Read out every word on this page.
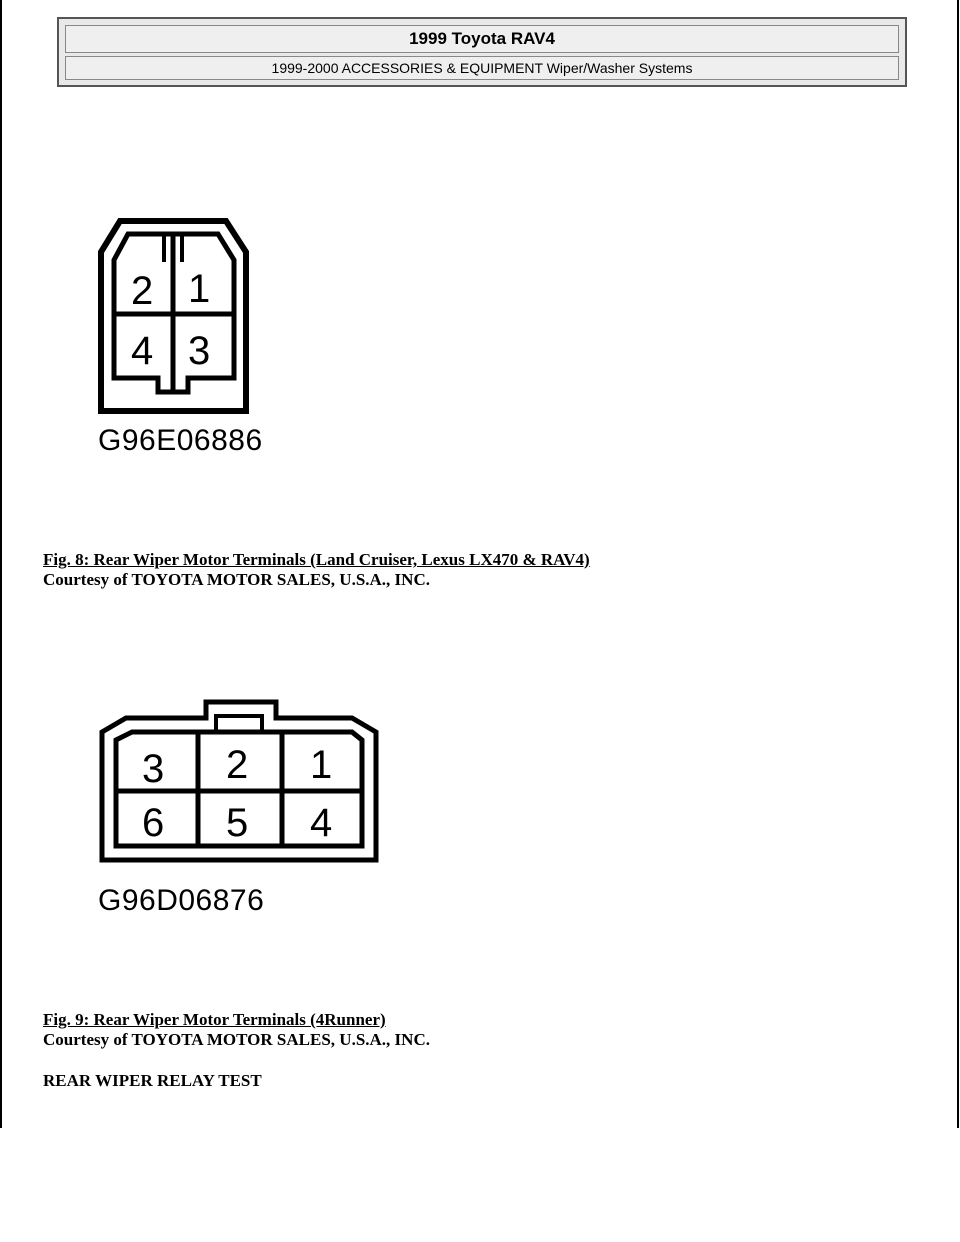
1999 Toyota RAV4
1999-2000 ACCESSORIES & EQUIPMENT Wiper/Washer Systems
2 1
4 3
G96E06886
Fig. 8: Rear Wiper Motor Terminals (Land Cruiser, Lexus LX470 & RAV4)
Courtesy of TOYOTA MOTOR SALES, U.S.A., INC.
3 2 1
6 5 4
G96D06876
Fig. 9: Rear Wiper Motor Terminals (4Runner)
Courtesy of TOYOTA MOTOR SALES, U.S.A., INC.
REAR WIPER RELAY TEST
